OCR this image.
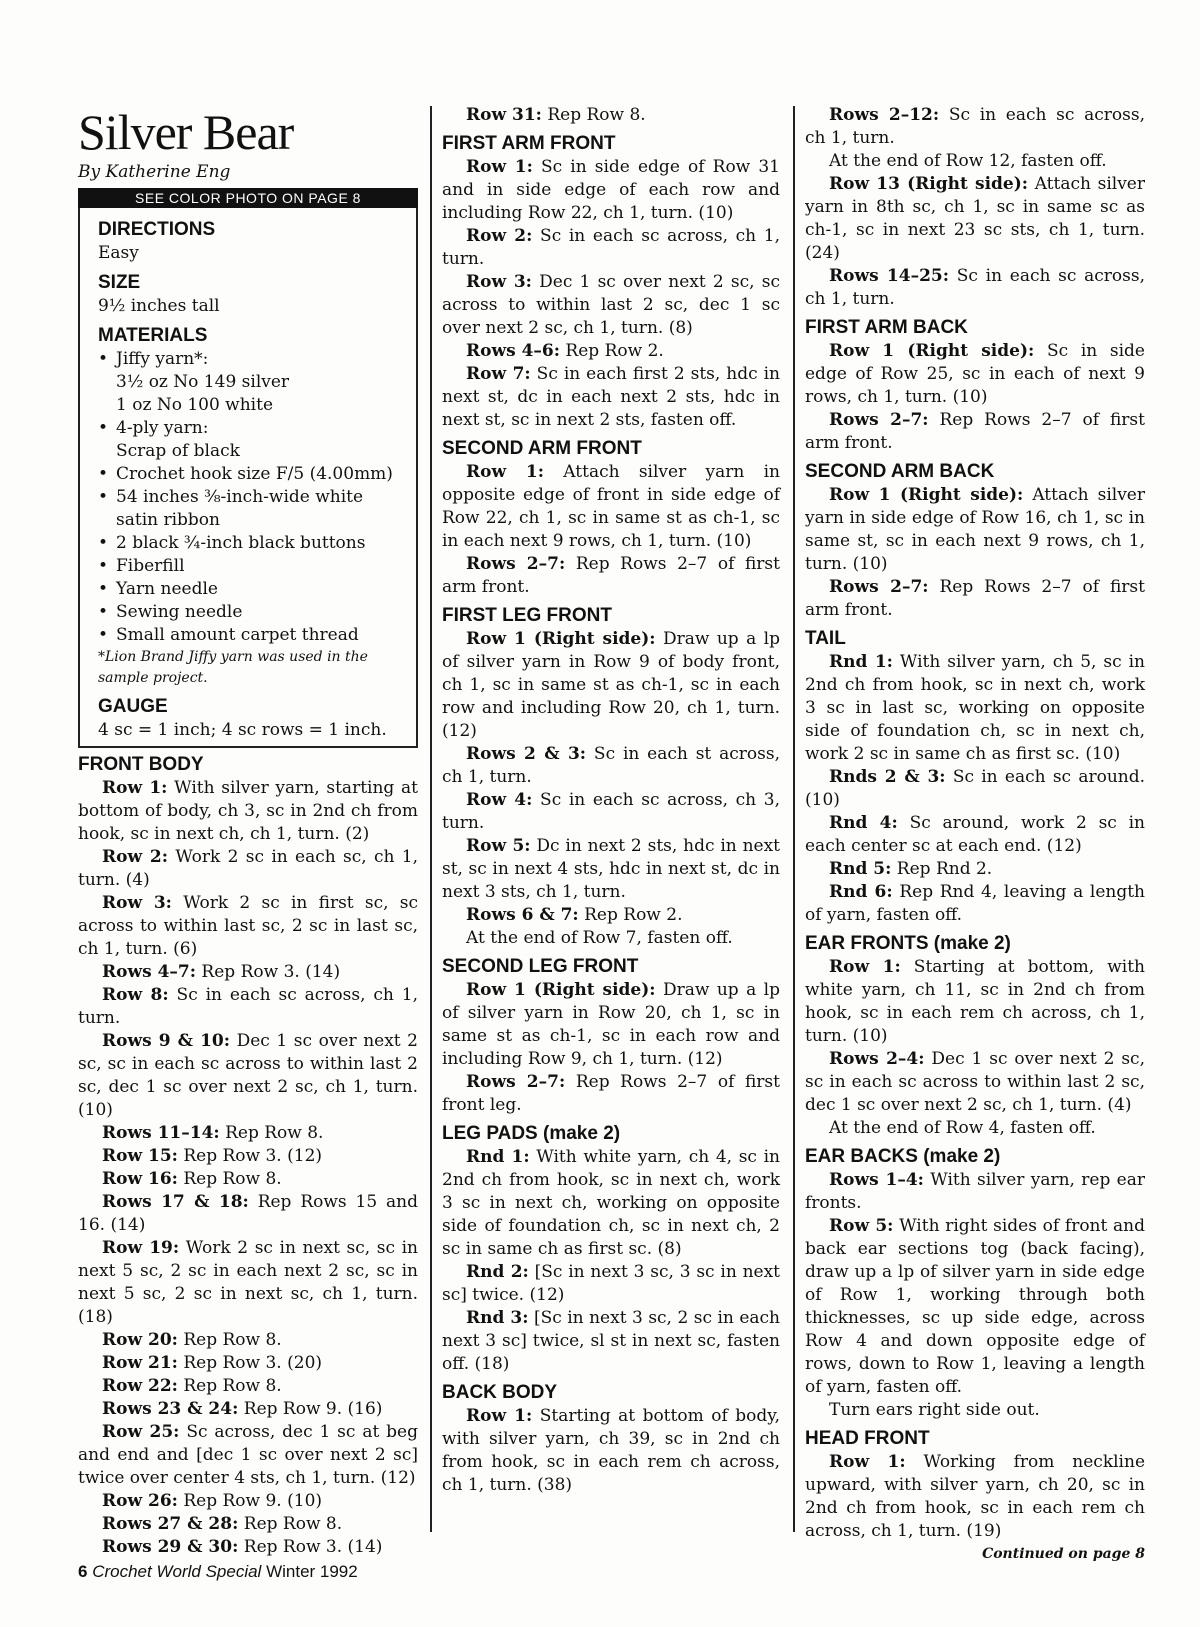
Silver Bear
By Katherine Eng
SEE COLOR PHOTO ON PAGE 8
DIRECTIONS
Easy
SIZE
9½ inches tall
MATERIALS
• Jiffy yarn*:
3½ oz No 149 silver
1 oz No 100 white
• 4-ply yarn:
Scrap of black
• Crochet hook size F/5 (4.00mm)
• 54 inches ⅜-inch-wide white satin ribbon
• 2 black ¾-inch black buttons
• Fiberfill
• Yarn needle
• Sewing needle
• Small amount carpet thread
*Lion Brand Jiffy yarn was used in the sample project.
GAUGE
4 sc = 1 inch; 4 sc rows = 1 inch.
FRONT BODY

Row 1: With silver yarn, starting at bottom of body, ch 3, sc in 2nd ch from hook, sc in next ch, ch 1, turn. (2)

Row 2: Work 2 sc in each sc, ch 1, turn. (4)

Row 3: Work 2 sc in first sc, sc across to within last sc, 2 sc in last sc, ch 1, turn. (6)

Rows 4–7: Rep Row 3. (14)

Row 8: Sc in each sc across, ch 1, turn.

Rows 9 & 10: Dec 1 sc over next 2 sc, sc in each sc across to within last 2 sc, dec 1 sc over next 2 sc, ch 1, turn. (10)

Rows 11–14: Rep Row 8.

Row 15: Rep Row 3. (12)

Row 16: Rep Row 8.

Rows 17 & 18: Rep Rows 15 and 16. (14)

Row 19: Work 2 sc in next sc, sc in next 5 sc, 2 sc in each next 2 sc, sc in next 5 sc, 2 sc in next sc, ch 1, turn. (18)

Row 20: Rep Row 8.

Row 21: Rep Row 3. (20)

Row 22: Rep Row 8.

Rows 23 & 24: Rep Row 9. (16)

Row 25: Sc across, dec 1 sc at beg and end and [dec 1 sc over next 2 sc] twice over center 4 sts, ch 1, turn. (12)

Row 26: Rep Row 9. (10)

Rows 27 & 28: Rep Row 8.

Rows 29 & 30: Rep Row 3. (14)

Row 31: Rep Row 8.

FIRST ARM FRONT

Row 1: Sc in side edge of Row 31 and in side edge of each row and including Row 22, ch 1, turn. (10)

Row 2: Sc in each sc across, ch 1, turn.

Row 3: Dec 1 sc over next 2 sc, sc across to within last 2 sc, dec 1 sc over next 2 sc, ch 1, turn. (8)

Rows 4–6: Rep Row 2.

Row 7: Sc in each first 2 sts, hdc in next st, dc in each next 2 sts, hdc in next st, sc in next 2 sts, fasten off.

SECOND ARM FRONT

Row 1: Attach silver yarn in opposite edge of front in side edge of Row 22, ch 1, sc in same st as ch-1, sc in each next 9 rows, ch 1, turn. (10)

Rows 2–7: Rep Rows 2–7 of first arm front.

FIRST LEG FRONT

Row 1 (Right side): Draw up a lp of silver yarn in Row 9 of body front, ch 1, sc in same st as ch-1, sc in each row and including Row 20, ch 1, turn. (12)

Rows 2 & 3: Sc in each st across, ch 1, turn.

Row 4: Sc in each sc across, ch 3, turn.

Row 5: Dc in next 2 sts, hdc in next st, sc in next 4 sts, hdc in next st, dc in next 3 sts, ch 1, turn.

Rows 6 & 7: Rep Row 2.

At the end of Row 7, fasten off.

SECOND LEG FRONT

Row 1 (Right side): Draw up a lp of silver yarn in Row 20, ch 1, sc in same st as ch-1, sc in each row and including Row 9, ch 1, turn. (12)

Rows 2–7: Rep Rows 2–7 of first front leg.

LEG PADS (make 2)

Rnd 1: With white yarn, ch 4, sc in 2nd ch from hook, sc in next ch, work 3 sc in next ch, working on opposite side of foundation ch, sc in next ch, 2 sc in same ch as first sc. (8)

Rnd 2: [Sc in next 3 sc, 3 sc in next sc] twice. (12)

Rnd 3: [Sc in next 3 sc, 2 sc in each next 3 sc] twice, sl st in next sc, fasten off. (18)

BACK BODY

Row 1: Starting at bottom of body, with silver yarn, ch 39, sc in 2nd ch from hook, sc in each rem ch across, ch 1, turn. (38)

Rows 2–12: Sc in each sc across, ch 1, turn.

At the end of Row 12, fasten off.

Row 13 (Right side): Attach silver yarn in 8th sc, ch 1, sc in same sc as ch-1, sc in next 23 sc sts, ch 1, turn. (24)

Rows 14–25: Sc in each sc across, ch 1, turn.

FIRST ARM BACK

Row 1 (Right side): Sc in side edge of Row 25, sc in each of next 9 rows, ch 1, turn. (10)

Rows 2–7: Rep Rows 2–7 of first arm front.

SECOND ARM BACK

Row 1 (Right side): Attach silver yarn in side edge of Row 16, ch 1, sc in same st, sc in each next 9 rows, ch 1, turn. (10)

Rows 2–7: Rep Rows 2–7 of first arm front.

TAIL

Rnd 1: With silver yarn, ch 5, sc in 2nd ch from hook, sc in next ch, work 3 sc in last sc, working on opposite side of foundation ch, sc in next ch, work 2 sc in same ch as first sc. (10)

Rnds 2 & 3: Sc in each sc around. (10)

Rnd 4: Sc around, work 2 sc in each center sc at each end. (12)

Rnd 5: Rep Rnd 2.

Rnd 6: Rep Rnd 4, leaving a length of yarn, fasten off.

EAR FRONTS (make 2)

Row 1: Starting at bottom, with white yarn, ch 11, sc in 2nd ch from hook, sc in each rem ch across, ch 1, turn. (10)

Rows 2–4: Dec 1 sc over next 2 sc, sc in each sc across to within last 2 sc, dec 1 sc over next 2 sc, ch 1, turn. (4)

At the end of Row 4, fasten off.

EAR BACKS (make 2)

Rows 1–4: With silver yarn, rep ear fronts.

Row 5: With right sides of front and back ear sections tog (back facing), draw up a lp of silver yarn in side edge of Row 1, working through both thicknesses, sc up side edge, across Row 4 and down opposite edge of rows, down to Row 1, leaving a length of yarn, fasten off.

Turn ears right side out.

HEAD FRONT

Row 1: Working from neckline upward, with silver yarn, ch 20, sc in 2nd ch from hook, sc in each rem ch across, ch 1, turn. (19)

Continued on page 8
6 Crochet World Special Winter 1992
